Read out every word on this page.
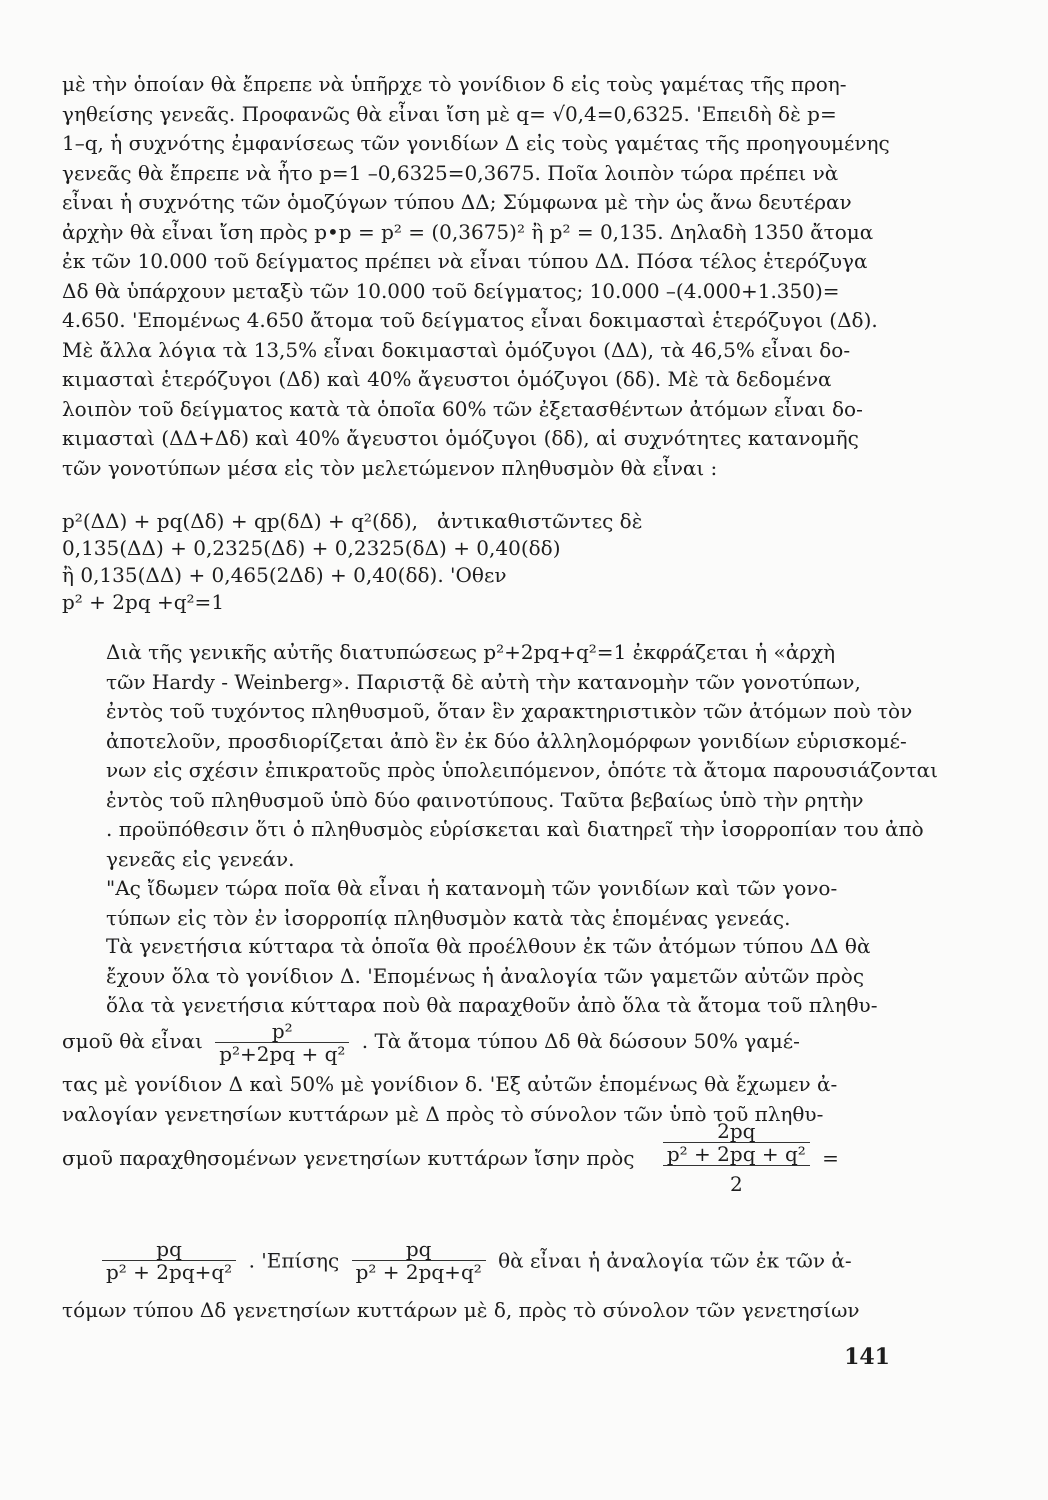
μὲ τὴν ὁποίαν θὰ ἔπρεπε νὰ ὑπῆρχε τὸ γονίδιον δ εἰς τοὺς γαμέτας τῆς προη-
γηθείσης γενεᾶς. Προφανῶς θὰ εἶναι ἴση μὲ q= √0,4=0,6325. 'Επειδὴ δὲ p=
1–q, ἡ συχνότης ἐμφανίσεως τῶν γονιδίων Δ εἰς τοὺς γαμέτας τῆς προηγουμένης
γενεᾶς θὰ ἔπρεπε νὰ ἦτο p=1 –0,6325=0,3675. Ποῖα λοιπὸν τώρα πρέπει νὰ
εἶναι ἡ συχνότης τῶν ὁμοζύγων τύπου ΔΔ; Σύμφωνα μὲ τὴν ὡς ἄνω δευτέραν
ἀρχὴν θὰ εἶναι ἴση πρὸς p•p = p² = (0,3675)² ἢ p² = 0,135. Δηλαδὴ 1350 ἄτομα
ἐκ τῶν 10.000 τοῦ δείγματος πρέπει νὰ εἶναι τύπου ΔΔ. Πόσα τέλος ἑτερόζυγα
Δδ θὰ ὑπάρχουν μεταξὺ τῶν 10.000 τοῦ δείγματος; 10.000 –(4.000+1.350)=
4.650. 'Επομένως 4.650 ἄτομα τοῦ δείγματος εἶναι δοκιμασταὶ ἑτερόζυγοι (Δδ).
Μὲ ἄλλα λόγια τὰ 13,5% εἶναι δοκιμασταὶ ὁμόζυγοι (ΔΔ), τὰ 46,5% εἶναι δο-
κιμασταὶ ἑτερόζυγοι (Δδ) καὶ 40% ἄγευστοι ὁμόζυγοι (δδ). Μὲ τὰ δεδομένα
λοιπὸν τοῦ δείγματος κατὰ τὰ ὁποῖα 60% τῶν ἐξετασθέντων ἀτόμων εἶναι δο-
κιμασταὶ (ΔΔ+Δδ) καὶ 40% ἄγευστοι ὁμόζυγοι (δδ), αἱ συχνότητες κατανομῆς
τῶν γονοτύπων μέσα εἰς τὸν μελετώμενον πληθυσμὸν θὰ εἶναι :

p²(ΔΔ) + pq(Δδ) + qp(δΔ) + q²(δδ),   ἀντικαθιστῶντες δὲ
0,135(ΔΔ) + 0,2325(Δδ) + 0,2325(δΔ) + 0,40(δδ)
ἢ 0,135(ΔΔ) + 0,465(2Δδ) + 0,40(δδ). 'Οθεν
p² + 2pq +q²=1

Διὰ τῆς γενικῆς αὐτῆς διατυπώσεως p²+2pq+q²=1 ἐκφράζεται ἡ «ἀρχὴ
τῶν Hardy - Weinberg». Παριστᾷ δὲ αὐτὴ τὴν κατανομὴν τῶν γονοτύπων,
ἐντὸς τοῦ τυχόντος πληθυσμοῦ, ὅταν ἓν χαρακτηριστικὸν τῶν ἀτόμων ποὺ τὸν
ἀποτελοῦν, προσδιορίζεται ἀπὸ ἓν ἐκ δύο ἀλληλομόρφων γονιδίων εὑρισκομέ-
νων εἰς σχέσιν ἐπικρατοῦς πρὸς ὑπολειπόμενον, ὁπότε τὰ ἄτομα παρουσιάζονται
ἐντὸς τοῦ πληθυσμοῦ ὑπὸ δύο φαινοτύπους. Ταῦτα βεβαίως ὑπὸ τὴν ρητὴν
. προϋπόθεσιν ὅτι ὁ πληθυσμὸς εὑρίσκεται καὶ διατηρεῖ τὴν ἰσορροπίαν του ἀπὸ
γενεᾶς εἰς γενεάν.

"Ας ἴδωμεν τώρα ποῖα θὰ εἶναι ἡ κατανομὴ τῶν γονιδίων καὶ τῶν γονο-
τύπων εἰς τὸν ἐν ἰσορροπίᾳ πληθυσμὸν κατὰ τὰς ἑπομένας γενεάς.

Τὰ γενετήσια κύτταρα τὰ ὁποῖα θὰ προέλθουν ἐκ τῶν ἀτόμων τύπου ΔΔ θὰ
ἔχουν ὅλα τὸ γονίδιον Δ. 'Επομένως ἡ ἀναλογία τῶν γαμετῶν αὐτῶν πρὸς
ὅλα τὰ γενετήσια κύτταρα ποὺ θὰ παραχθοῦν ἀπὸ ὅλα τὰ ἄτομα τοῦ πληθυ-

σμοῦ θὰ εἶναι $\frac{\text{p²}}{\text{p²+2pq + q²}}$ . Τὰ ἄτομα τύπου Δδ θὰ δώσουν 50% γαμέ-

τας μὲ γονίδιον Δ καὶ 50% μὲ γονίδιον δ. 'Εξ αὐτῶν ἑπομένως θὰ ἔχωμεν ἀ-
ναλογίαν γενετησίων κυττάρων μὲ Δ πρὸς τὸ σύνολον τῶν ὑπὸ τοῦ πληθυ-

σμοῦ παραχθησομένων γενετησίων κυττάρων ἴσην πρὸς
2pq
p² + 2pq + q²
2
=
$\frac{pq}{\text{p² + 2pq+q²}}$ . '$E\pi ί\sigma\eta\varsigma \frac{pq}{\text{p² + 2pq+q²}}$ θὰ εἶναι ἡ ἀναλογία τῶν ἐκ τῶν ἀ-
τόμων τύπου Δδ γενετησίων κυττάρων μὲ δ, πρὸς τὸ σύνολον τῶν γενετησίων
141
